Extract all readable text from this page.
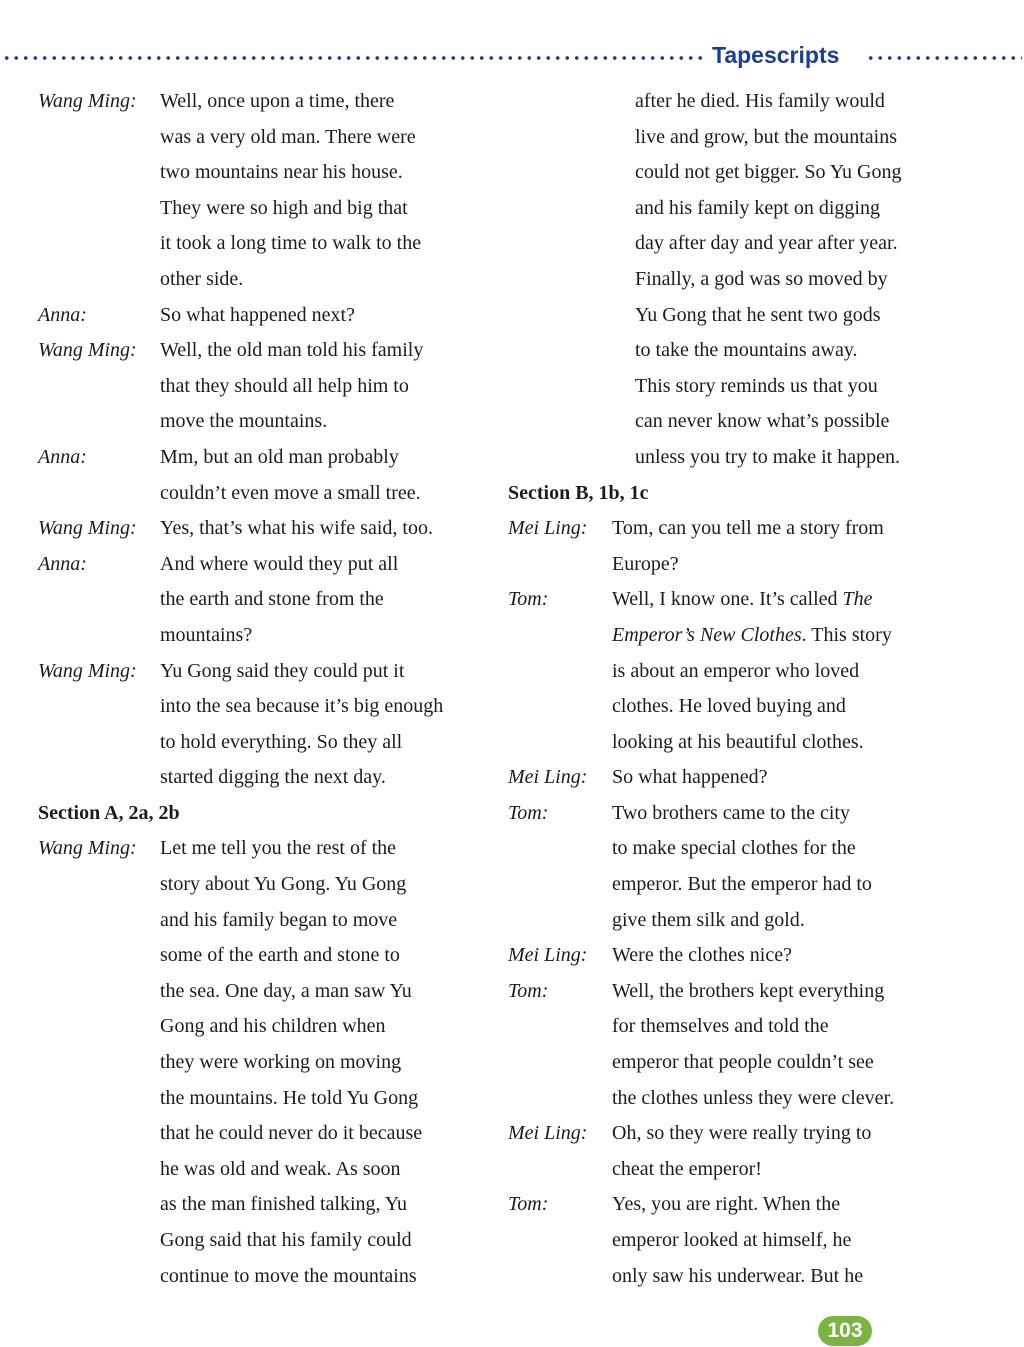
Tapescripts
Wang Ming:	Well, once upon a time, there
was a very old man. There were
two mountains near his house.
They were so high and big that
it took a long time to walk to the
other side.
Anna:	So what happened next?
Wang Ming:	Well, the old man told his family
that they should all help him to
move the mountains.
Anna:	Mm, but an old man probably
couldn’t even move a small tree.
Wang Ming:	Yes, that’s what his wife said, too.
Anna:	And where would they put all
the earth and stone from the
mountains?
Wang Ming:	Yu Gong said they could put it
into the sea because it’s big enough
to hold everything. So they all
started digging the next day.
Section A, 2a, 2b
Wang Ming:	Let me tell you the rest of the
story about Yu Gong. Yu Gong
and his family began to move
some of the earth and stone to
the sea. One day, a man saw Yu
Gong and his children when
they were working on moving
the mountains. He told Yu Gong
that he could never do it because
he was old and weak. As soon
as the man finished talking, Yu
Gong said that his family could
continue to move the mountains
after he died. His family would
live and grow, but the mountains
could not get bigger. So Yu Gong
and his family kept on digging
day after day and year after year.
Finally, a god was so moved by
Yu Gong that he sent two gods
to take the mountains away.
This story reminds us that you
can never know what’s possible
unless you try to make it happen.
Section B, 1b, 1c
Mei Ling:	Tom, can you tell me a story from
Europe?
Tom:	Well, I know one. It’s called The
Emperor’s New Clothes. This story
is about an emperor who loved
clothes. He loved buying and
looking at his beautiful clothes.
Mei Ling:	So what happened?
Tom:	Two brothers came to the city
to make special clothes for the
emperor. But the emperor had to
give them silk and gold.
Mei Ling:	Were the clothes nice?
Tom:	Well, the brothers kept everything
for themselves and told the
emperor that people couldn’t see
the clothes unless they were clever.
Mei Ling:	Oh, so they were really trying to
cheat the emperor!
Tom:	Yes, you are right. When the
emperor looked at himself, he
only saw his underwear. But he
103
